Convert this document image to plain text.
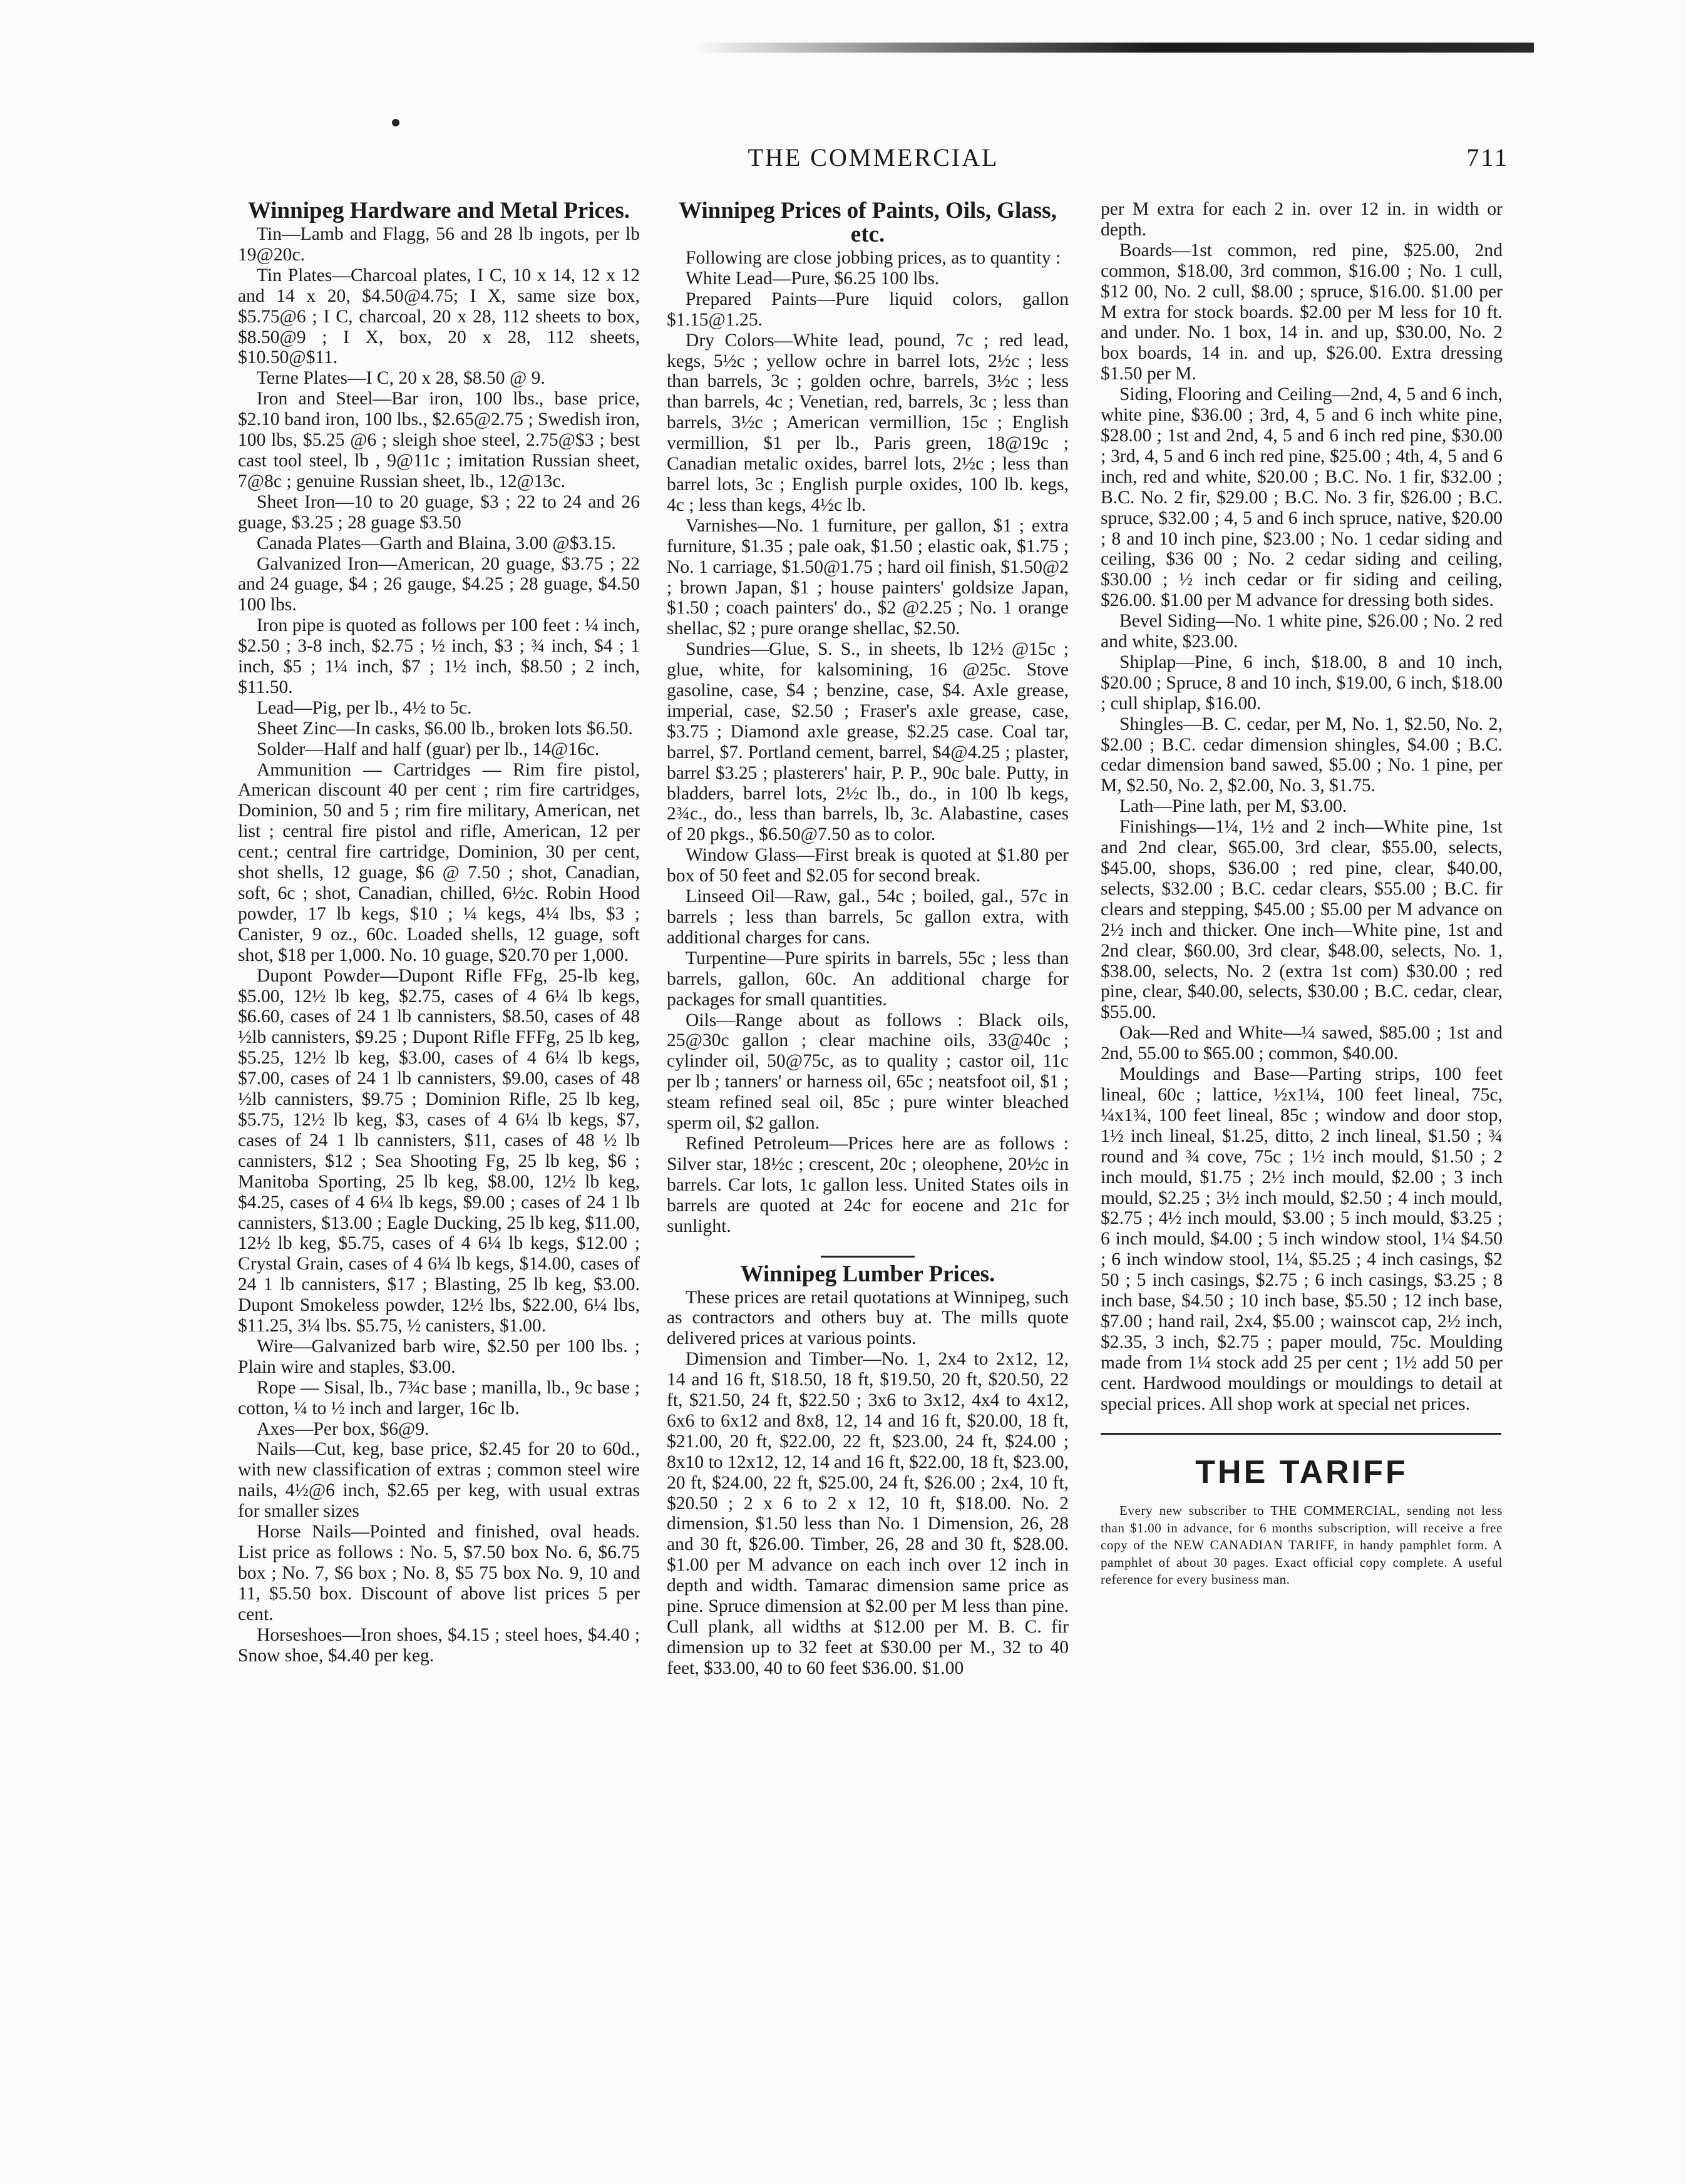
THE COMMERCIAL	711
Winnipeg Hardware and Metal Prices.

Tin—Lamb and Flagg, 56 and 28 lb ingots, per lb 19@20c.

Tin Plates—Charcoal plates, I C, 10 x 14, 12 x 12 and 14 x 20, $4.50@4.75; I X, same size box, $5.75@6 ; I C, charcoal, 20 x 28, 112 sheets to box, $8.50@9 ; I X, box, 20 x 28, 112 sheets, $10.50@$11.

Terne Plates—I C, 20 x 28, $8.50 @ 9.

Iron and Steel—Bar iron, 100 lbs., base price, $2.10 band iron, 100 lbs., $2.65@2.75 ; Swedish iron, 100 lbs, $5.25 @6 ; sleigh shoe steel, 2.75@$3 ; best cast tool steel, lb , 9@11c ; imitation Russian sheet, 7@8c ; genuine Russian sheet, lb., 12@13c.

Sheet Iron—10 to 20 guage, $3 ; 22 to 24 and 26 guage, $3.25 ; 28 guage $3.50

Canada Plates—Garth and Blaina, 3.00 @$3.15.

Galvanized Iron—American, 20 guage, $3.75 ; 22 and 24 guage, $4 ; 26 gauge, $4.25 ; 28 guage, $4.50 100 lbs.

Iron pipe is quoted as follows per 100 feet : ¼ inch, $2.50 ; 3-8 inch, $2.75 ; ½ inch, $3 ; ¾ inch, $4 ; 1 inch, $5 ; 1¼ inch, $7 ; 1½ inch, $8.50 ; 2 inch, $11.50.

Lead—Pig, per lb., 4½ to 5c.

Sheet Zinc—In casks, $6.00 lb., broken lots $6.50.

Solder—Half and half (guar) per lb., 14@16c.

Ammunition — Cartridges — Rim fire pistol, American discount 40 per cent ; rim fire cartridges, Dominion, 50 and 5 ; rim fire military, American, net list ; central fire pistol and rifle, American, 12 per cent.; central fire cartridge, Dominion, 30 per cent, shot shells, 12 guage, $6 @ 7.50 ; shot, Canadian, soft, 6c ; shot, Canadian, chilled, 6½c. Robin Hood powder, 17 lb kegs, $10 ; ¼ kegs, 4¼ lbs, $3 ; Canister, 9 oz., 60c. Loaded shells, 12 guage, soft shot, $18 per 1,000. No. 10 guage, $20.70 per 1,000.

Dupont Powder—Dupont Rifle FFg, 25-lb keg, $5.00, 12½ lb keg, $2.75, cases of 4 6¼ lb kegs, $6.60, cases of 24 1 lb cannisters, $8.50, cases of 48 ½lb cannisters, $9.25 ; Dupont Rifle FFFg, 25 lb keg, $5.25, 12½ lb keg, $3.00, cases of 4 6¼ lb kegs, $7.00, cases of 24 1 lb cannisters, $9.00, cases of 48 ½lb cannisters, $9.75 ; Dominion Rifle, 25 lb keg, $5.75, 12½ lb keg, $3, cases of 4 6¼ lb kegs, $7, cases of 24 1 lb cannisters, $11, cases of 48 ½ lb cannisters, $12 ; Sea Shooting Fg, 25 lb keg, $6 ; Manitoba Sporting, 25 lb keg, $8.00, 12½ lb keg, $4.25, cases of 4 6¼ lb kegs, $9.00 ; cases of 24 1 lb cannisters, $13.00 ; Eagle Ducking, 25 lb keg, $11.00, 12½ lb keg, $5.75, cases of 4 6¼ lb kegs, $12.00 ; Crystal Grain, cases of 4 6¼ lb kegs, $14.00, cases of 24 1 lb cannisters, $17 ; Blasting, 25 lb keg, $3.00. Dupont Smokeless powder, 12½ lbs, $22.00, 6¼ lbs, $11.25, 3¼ lbs. $5.75, ½ canisters, $1.00.

Wire—Galvanized barb wire, $2.50 per 100 lbs. ; Plain wire and staples, $3.00.

Rope — Sisal, lb., 7¾c base ; manilla, lb., 9c base ; cotton, ¼ to ½ inch and larger, 16c lb.

Axes—Per box, $6@9.

Nails—Cut, keg, base price, $2.45 for 20 to 60d., with new classification of extras ; common steel wire nails, 4½@6 inch, $2.65 per keg, with usual extras for smaller sizes

Horse Nails—Pointed and finished, oval heads. List price as follows : No. 5, $7.50 box No. 6, $6.75 box ; No. 7, $6 box ; No. 8, $5 75 box No. 9, 10 and 11, $5.50 box. Discount of above list prices 5 per cent.

Horseshoes—Iron shoes, $4.15 ; steel hoes, $4.40 ; Snow shoe, $4.40 per keg.

Winnipeg Prices of Paints, Oils, Glass, etc.

Following are close jobbing prices, as to quantity :

White Lead—Pure, $6.25 100 lbs.

Prepared Paints—Pure liquid colors, gallon $1.15@1.25.

Dry Colors—White lead, pound, 7c ; red lead, kegs, 5½c ; yellow ochre in barrel lots, 2½c ; less than barrels, 3c ; golden ochre, barrels, 3½c ; less than barrels, 4c ; Venetian, red, barrels, 3c ; less than barrels, 3½c ; American vermillion, 15c ; English vermillion, $1 per lb., Paris green, 18@19c ; Canadian metalic oxides, barrel lots, 2½c ; less than barrel lots, 3c ; English purple oxides, 100 lb. kegs, 4c ; less than kegs, 4½c lb.

Varnishes—No. 1 furniture, per gallon, $1 ; extra furniture, $1.35 ; pale oak, $1.50 ; elastic oak, $1.75 ; No. 1 carriage, $1.50@1.75 ; hard oil finish, $1.50@2 ; brown Japan, $1 ; house painters' goldsize Japan, $1.50 ; coach painters' do., $2 @2.25 ; No. 1 orange shellac, $2 ; pure orange shellac, $2.50.

Sundries—Glue, S. S., in sheets, lb 12½ @15c ; glue, white, for kalsomining, 16 @25c. Stove gasoline, case, $4 ; benzine, case, $4. Axle grease, imperial, case, $2.50 ; Fraser's axle grease, case, $3.75 ; Diamond axle grease, $2.25 case. Coal tar, barrel, $7. Portland cement, barrel, $4@4.25 ; plaster, barrel $3.25 ; plasterers' hair, P. P., 90c bale. Putty, in bladders, barrel lots, 2½c lb., do., in 100 lb kegs, 2¾c., do., less than barrels, lb, 3c. Alabastine, cases of 20 pkgs., $6.50@7.50 as to color.

Window Glass—First break is quoted at $1.80 per box of 50 feet and $2.05 for second break.

Linseed Oil—Raw, gal., 54c ; boiled, gal., 57c in barrels ; less than barrels, 5c gallon extra, with additional charges for cans.

Turpentine—Pure spirits in barrels, 55c ; less than barrels, gallon, 60c. An additional charge for packages for small quantities.

Oils—Range about as follows : Black oils, 25@30c gallon ; clear machine oils, 33@40c ; cylinder oil, 50@75c, as to quality ; castor oil, 11c per lb ; tanners' or harness oil, 65c ; neatsfoot oil, $1 ; steam refined seal oil, 85c ; pure winter bleached sperm oil, $2 gallon.

Refined Petroleum—Prices here are as follows : Silver star, 18½c ; crescent, 20c ; oleophene, 20½c in barrels. Car lots, 1c gallon less. United States oils in barrels are quoted at 24c for eocene and 21c for sunlight.

Winnipeg Lumber Prices.

These prices are retail quotations at Winnipeg, such as contractors and others buy at. The mills quote delivered prices at various points.

Dimension and Timber—No. 1, 2x4 to 2x12, 12, 14 and 16 ft, $18.50, 18 ft, $19.50, 20 ft, $20.50, 22 ft, $21.50, 24 ft, $22.50 ; 3x6 to 3x12, 4x4 to 4x12, 6x6 to 6x12 and 8x8, 12, 14 and 16 ft, $20.00, 18 ft, $21.00, 20 ft, $22.00, 22 ft, $23.00, 24 ft, $24.00 ; 8x10 to 12x12, 12, 14 and 16 ft, $22.00, 18 ft, $23.00, 20 ft, $24.00, 22 ft, $25.00, 24 ft, $26.00 ; 2x4, 10 ft, $20.50 ; 2 x 6 to 2 x 12, 10 ft, $18.00. No. 2 dimension, $1.50 less than No. 1 Dimension, 26, 28 and 30 ft, $26.00. Timber, 26, 28 and 30 ft, $28.00. $1.00 per M advance on each inch over 12 inch in depth and width. Tamarac dimension same price as pine. Spruce dimension at $2.00 per M less than pine. Cull plank, all widths at $12.00 per M. B. C. fir dimension up to 32 feet at $30.00 per M., 32 to 40 feet, $33.00, 40 to 60 feet $36.00. $1.00

per M extra for each 2 in. over 12 in. in width or depth.

Boards—1st common, red pine, $25.00, 2nd common, $18.00, 3rd common, $16.00 ; No. 1 cull, $12 00, No. 2 cull, $8.00 ; spruce, $16.00. $1.00 per M extra for stock boards. $2.00 per M less for 10 ft. and under. No. 1 box, 14 in. and up, $30.00, No. 2 box boards, 14 in. and up, $26.00. Extra dressing $1.50 per M.

Siding, Flooring and Ceiling—2nd, 4, 5 and 6 inch, white pine, $36.00 ; 3rd, 4, 5 and 6 inch white pine, $28.00 ; 1st and 2nd, 4, 5 and 6 inch red pine, $30.00 ; 3rd, 4, 5 and 6 inch red pine, $25.00 ; 4th, 4, 5 and 6 inch, red and white, $20.00 ; B.C. No. 1 fir, $32.00 ; B.C. No. 2 fir, $29.00 ; B.C. No. 3 fir, $26.00 ; B.C. spruce, $32.00 ; 4, 5 and 6 inch spruce, native, $20.00 ; 8 and 10 inch pine, $23.00 ; No. 1 cedar siding and ceiling, $36 00 ; No. 2 cedar siding and ceiling, $30.00 ; ½ inch cedar or fir siding and ceiling, $26.00. $1.00 per M advance for dressing both sides.

Bevel Siding—No. 1 white pine, $26.00 ; No. 2 red and white, $23.00.

Shiplap—Pine, 6 inch, $18.00, 8 and 10 inch, $20.00 ; Spruce, 8 and 10 inch, $19.00, 6 inch, $18.00 ; cull shiplap, $16.00.

Shingles—B. C. cedar, per M, No. 1, $2.50, No. 2, $2.00 ; B.C. cedar dimension shingles, $4.00 ; B.C. cedar dimension band sawed, $5.00 ; No. 1 pine, per M, $2.50, No. 2, $2.00, No. 3, $1.75.

Lath—Pine lath, per M, $3.00.

Finishings—1¼, 1½ and 2 inch—White pine, 1st and 2nd clear, $65.00, 3rd clear, $55.00, selects, $45.00, shops, $36.00 ; red pine, clear, $40.00, selects, $32.00 ; B.C. cedar clears, $55.00 ; B.C. fir clears and stepping, $45.00 ; $5.00 per M advance on 2½ inch and thicker. One inch—White pine, 1st and 2nd clear, $60.00, 3rd clear, $48.00, selects, No. 1, $38.00, selects, No. 2 (extra 1st com) $30.00 ; red pine, clear, $40.00, selects, $30.00 ; B.C. cedar, clear, $55.00.

Oak—Red and White—¼ sawed, $85.00 ; 1st and 2nd, 55.00 to $65.00 ; common, $40.00.

Mouldings and Base—Parting strips, 100 feet lineal, 60c ; lattice, ½x1¼, 100 feet lineal, 75c, ¼x1¾, 100 feet lineal, 85c ; window and door stop, 1½ inch lineal, $1.25, ditto, 2 inch lineal, $1.50 ; ¾ round and ¾ cove, 75c ; 1½ inch mould, $1.50 ; 2 inch mould, $1.75 ; 2½ inch mould, $2.00 ; 3 inch mould, $2.25 ; 3½ inch mould, $2.50 ; 4 inch mould, $2.75 ; 4½ inch mould, $3.00 ; 5 inch mould, $3.25 ; 6 inch mould, $4.00 ; 5 inch window stool, 1¼ $4.50 ; 6 inch window stool, 1¼, $5.25 ; 4 inch casings, $2 50 ; 5 inch casings, $2.75 ; 6 inch casings, $3.25 ; 8 inch base, $4.50 ; 10 inch base, $5.50 ; 12 inch base, $7.00 ; hand rail, 2x4, $5.00 ; wainscot cap, 2½ inch, $2.35, 3 inch, $2.75 ; paper mould, 75c. Moulding made from 1¼ stock add 25 per cent ; 1½ add 50 per cent. Hardwood mouldings or mouldings to detail at special prices. All shop work at special net prices.

THE TARIFF

Every new subscriber to THE COMMERCIAL, sending not less than $1.00 in advance, for 6 months subscription, will receive a free copy of the NEW CANADIAN TARIFF, in handy pamphlet form. A pamphlet of about 30 pages. Exact official copy complete. A useful reference for every business man.
